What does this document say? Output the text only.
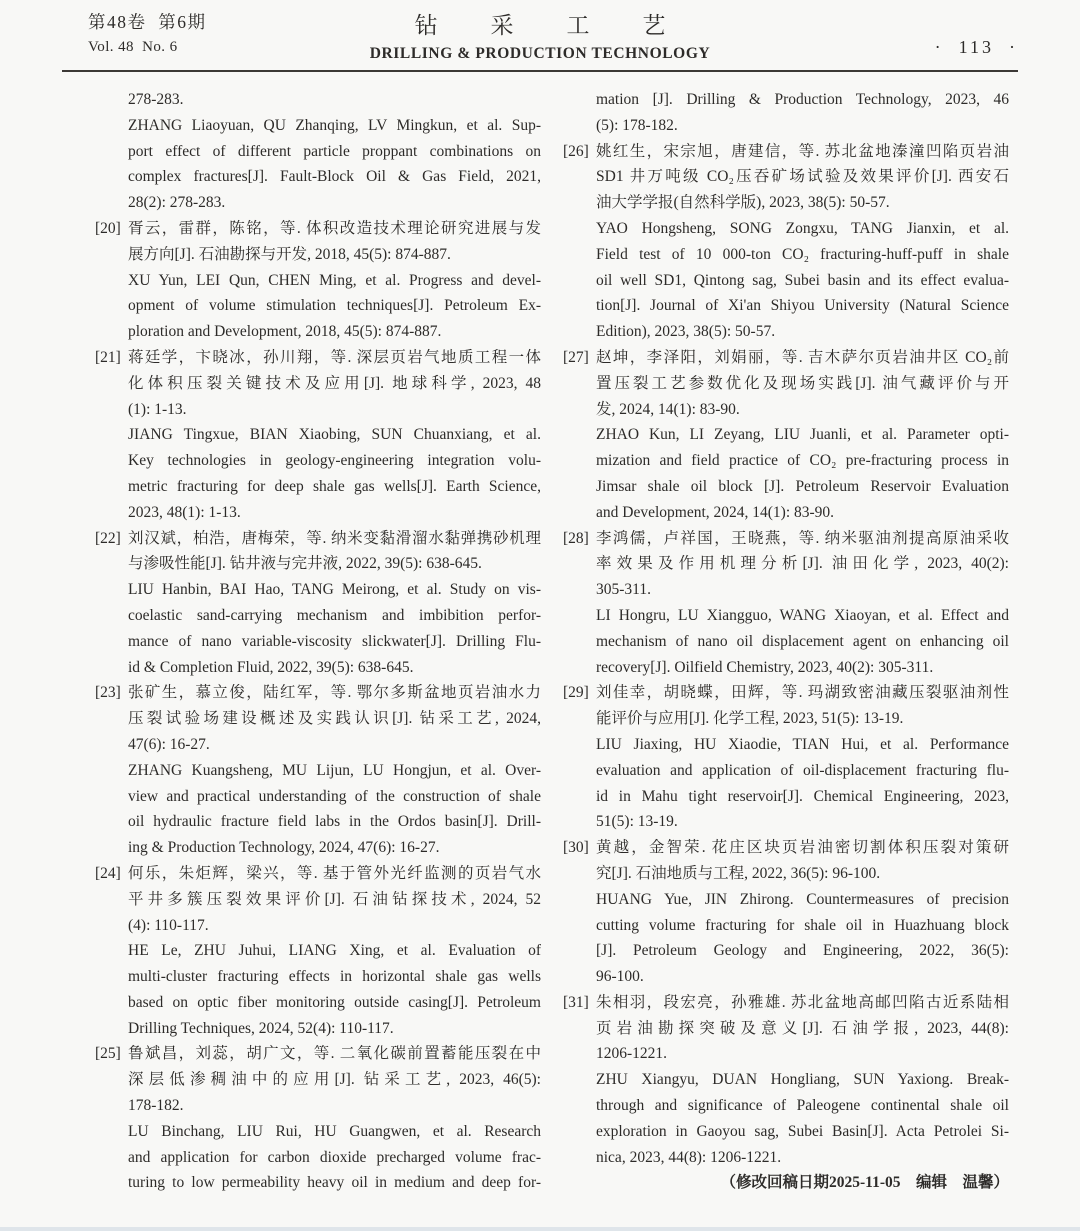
第48卷  第6期
Vol. 48  No. 6
钻采工艺
DRILLING & PRODUCTION TECHNOLOGY	·  113  ·
278-283.
ZHANG Liaoyuan, QU Zhanqing, LV Mingkun, et al. Sup-
port effect of different particle proppant combinations on
complex fractures[J]. Fault-Block Oil & Gas Field, 2021,
28(2): 278-283.
[20] 胥云，雷群，陈铭，等. 体积改造技术理论研究进展与发
展方向[J]. 石油勘探与开发, 2018, 45(5): 874-887.
XU Yun, LEI Qun, CHEN Ming, et al. Progress and devel-
opment of volume stimulation techniques[J]. Petroleum Ex-
ploration and Development, 2018, 45(5): 874-887.
[21] 蒋廷学，卞晓冰，孙川翔，等. 深层页岩气地质工程一体
化体积压裂关键技术及应用[J]. 地球科学, 2023, 48
(1): 1-13.
JIANG Tingxue, BIAN Xiaobing, SUN Chuanxiang, et al.
Key technologies in geology-engineering integration volu-
metric fracturing for deep shale gas wells[J]. Earth Science,
2023, 48(1): 1-13.
[22] 刘汉斌，柏浩，唐梅荣，等. 纳米变黏滑溜水黏弹携砂机理
与渗吸性能[J]. 钻井液与完井液, 2022, 39(5): 638-645.
LIU Hanbin, BAI Hao, TANG Meirong, et al. Study on vis-
coelastic sand-carrying mechanism and imbibition perfor-
mance of nano variable-viscosity slickwater[J]. Drilling Flu-
id & Completion Fluid, 2022, 39(5): 638-645.
[23] 张矿生，慕立俊，陆红军，等. 鄂尔多斯盆地页岩油水力
压裂试验场建设概述及实践认识[J]. 钻采工艺, 2024,
47(6): 16-27.
ZHANG Kuangsheng, MU Lijun, LU Hongjun, et al. Over-
view and practical understanding of the construction of shale
oil hydraulic fracture field labs in the Ordos basin[J]. Drill-
ing & Production Technology, 2024, 47(6): 16-27.
[24] 何乐，朱炬辉，梁兴，等. 基于管外光纤监测的页岩气水
平井多簇压裂效果评价[J]. 石油钻探技术, 2024, 52
(4): 110-117.
HE Le, ZHU Juhui, LIANG Xing, et al. Evaluation of
multi-cluster fracturing effects in horizontal shale gas wells
based on optic fiber monitoring outside casing[J]. Petroleum
Drilling Techniques, 2024, 52(4): 110-117.
[25] 鲁斌昌，刘蕊，胡广文，等. 二氧化碳前置蓄能压裂在中
深层低渗稠油中的应用[J]. 钻采工艺, 2023, 46(5):
178-182.
LU Binchang, LIU Rui, HU Guangwen, et al. Research
and application for carbon dioxide precharged volume frac-
turing to low permeability heavy oil in medium and deep for-
mation [J]. Drilling & Production Technology, 2023, 46
(5): 178-182.
[26] 姚红生，宋宗旭，唐建信，等. 苏北盆地溱潼凹陷页岩油
SD1 井万吨级 CO₂压吞矿场试验及效果评价[J]. 西安石
油大学学报(自然科学版), 2023, 38(5): 50-57.
YAO Hongsheng, SONG Zongxu, TANG Jianxin, et al.
Field test of 10 000-ton CO₂ fracturing-huff-puff in shale
oil well SD1, Qintong sag, Subei basin and its effect evalua-
tion[J]. Journal of Xi'an Shiyou University (Natural Science
Edition), 2023, 38(5): 50-57.
[27] 赵坤，李泽阳，刘娟丽，等. 吉木萨尔页岩油井区 CO₂前
置压裂工艺参数优化及现场实践[J]. 油气藏评价与开
发, 2024, 14(1): 83-90.
ZHAO Kun, LI Zeyang, LIU Juanli, et al. Parameter opti-
mization and field practice of CO₂ pre-fracturing process in
Jimsar shale oil block [J]. Petroleum Reservoir Evaluation
and Development, 2024, 14(1): 83-90.
[28] 李鸿儒，卢祥国，王晓燕，等. 纳米驱油剂提高原油采收
率效果及作用机理分析[J]. 油田化学, 2023, 40(2):
305-311.
LI Hongru, LU Xiangguo, WANG Xiaoyan, et al. Effect and
mechanism of nano oil displacement agent on enhancing oil
recovery[J]. Oilfield Chemistry, 2023, 40(2): 305-311.
[29] 刘佳幸，胡晓蝶，田辉，等. 玛湖致密油藏压裂驱油剂性
能评价与应用[J]. 化学工程, 2023, 51(5): 13-19.
LIU Jiaxing, HU Xiaodie, TIAN Hui, et al. Performance
evaluation and application of oil-displacement fracturing flu-
id in Mahu tight reservoir[J]. Chemical Engineering, 2023,
51(5): 13-19.
[30] 黄越，金智荣. 花庄区块页岩油密切割体积压裂对策研
究[J]. 石油地质与工程, 2022, 36(5): 96-100.
HUANG Yue, JIN Zhirong. Countermeasures of precision
cutting volume fracturing for shale oil in Huazhuang block
[J]. Petroleum Geology and Engineering, 2022, 36(5):
96-100.
[31] 朱相羽，段宏亮，孙雅雄. 苏北盆地高邮凹陷古近系陆相
页岩油勘探突破及意义[J]. 石油学报, 2023, 44(8):
1206-1221.
ZHU Xiangyu, DUAN Hongliang, SUN Yaxiong. Break-
through and significance of Paleogene continental shale oil
exploration in Gaoyou sag, Subei Basin[J]. Acta Petrolei Si-
nica, 2023, 44(8): 1206-1221.
（修改回稿日期2025-11-05　编辑　温馨）
